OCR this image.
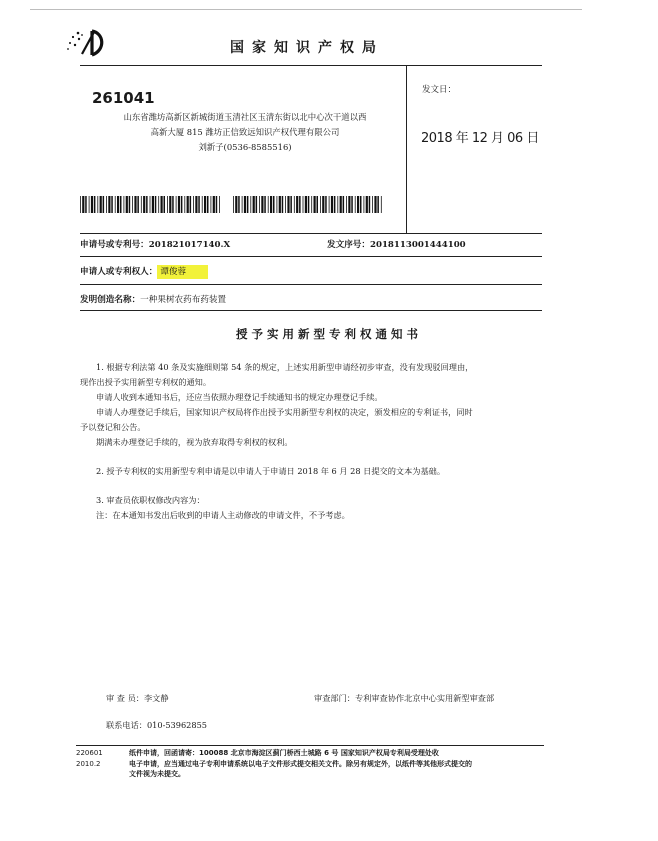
国家知识产权局
261041
山东省潍坊高新区新城街道玉清社区玉清东街以北中心次干道以西
高新大厦 815 潍坊正信致远知识产权代理有限公司
刘新子(0536-8585516)
发文日：
2018 年 12 月 06 日
申请号或专利号：201821017140.X	发文序号：2018113001444100
申请人或专利权人： 谭俊蓉
发明创造名称：一种果树农药布药装置
授予实用新型专利权通知书

1. 根据专利法第 40 条及实施细则第 54 条的规定，上述实用新型申请经初步审查，没有发现驳回理由，

现作出授予实用新型专利权的通知。

申请人收到本通知书后，还应当依照办理登记手续通知书的规定办理登记手续。

申请人办理登记手续后，国家知识产权局将作出授予实用新型专利权的决定，颁发相应的专利证书，同时

予以登记和公告。

期满未办理登记手续的，视为放弃取得专利权的权利。

2. 授予专利权的实用新型专利申请是以申请人于申请日 2018 年 6 月 28 日提交的文本为基础。

3. 审查员依职权修改内容为：

注：在本通知书发出后收到的申请人主动修改的申请文件，不予考虑。

审 查 员：李文静	审查部门：专利审查协作北京中心实用新型审查部
联系电话：010-53962855
220601
2010.2
纸件申请，回函请寄：100088 北京市海淀区蓟门桥西土城路 6 号 国家知识产权局专利局受理处收
电子申请，应当通过电子专利申请系统以电子文件形式提交相关文件。除另有规定外，以纸件等其他形式提交的
文件视为未提交。
